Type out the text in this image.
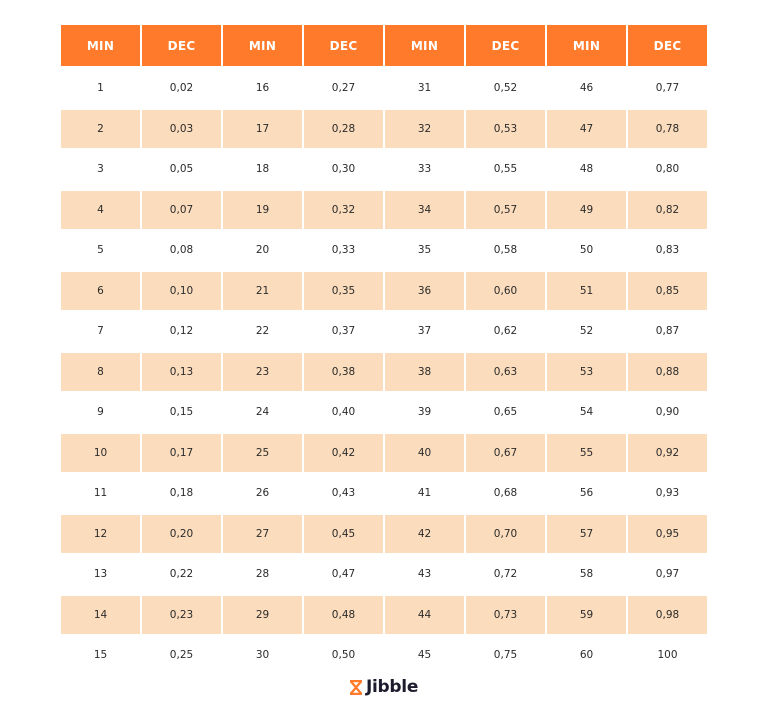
MIN	DEC	MIN	DEC	MIN	DEC	MIN	DEC
1	0,02	16	0,27	31	0,52	46	0,77
2	0,03	17	0,28	32	0,53	47	0,78
3	0,05	18	0,30	33	0,55	48	0,80
4	0,07	19	0,32	34	0,57	49	0,82
5	0,08	20	0,33	35	0,58	50	0,83
6	0,10	21	0,35	36	0,60	51	0,85
7	0,12	22	0,37	37	0,62	52	0,87
8	0,13	23	0,38	38	0,63	53	0,88
9	0,15	24	0,40	39	0,65	54	0,90
10	0,17	25	0,42	40	0,67	55	0,92
11	0,18	26	0,43	41	0,68	56	0,93
12	0,20	27	0,45	42	0,70	57	0,95
13	0,22	28	0,47	43	0,72	58	0,97
14	0,23	29	0,48	44	0,73	59	0,98
15	0,25	30	0,50	45	0,75	60	100
Jibble
